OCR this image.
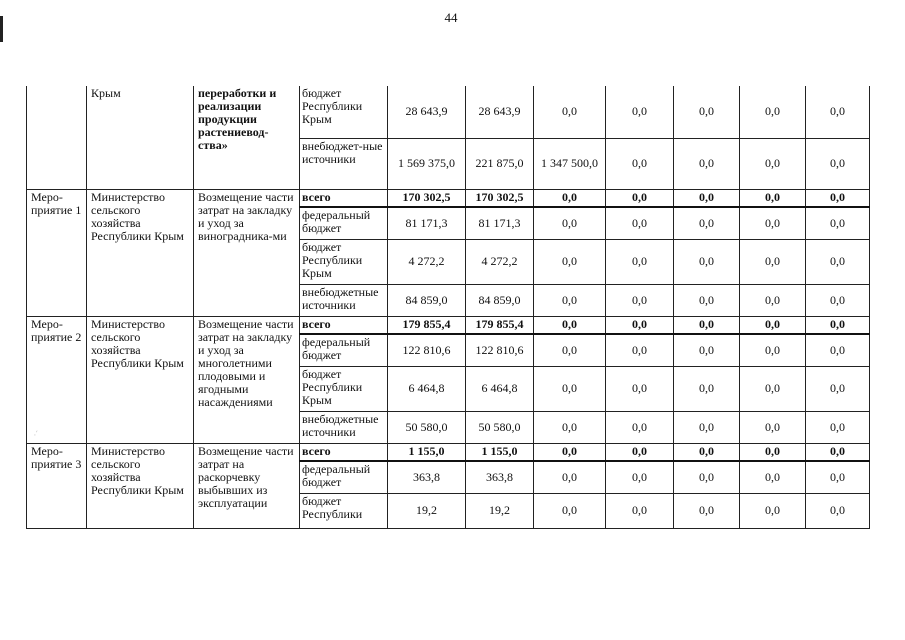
44
·´
	Крым	переработки и реализации продукции растениевод-ства»	бюджет Республики Крым	28 643,9	28 643,9	0,0	0,0	0,0	0,0	0,0
			внебюджет-ные источники	1 569 375,0	221 875,0	1 347 500,0	0,0	0,0	0,0	0,0
Меро-приятие 1	Министерство сельского хозяйства Республики Крым	Возмещение части затрат на закладку и уход за виноградника-ми	всего	170 302,5	170 302,5	0,0	0,0	0,0	0,0	0,0
			федеральный бюджет	81 171,3	81 171,3	0,0	0,0	0,0	0,0	0,0
			бюджет Республики Крым	4 272,2	4 272,2	0,0	0,0	0,0	0,0	0,0
			внебюджетные источники	84 859,0	84 859,0	0,0	0,0	0,0	0,0	0,0
Меро-приятие 2	Министерство сельского хозяйства Республики Крым	Возмещение части затрат на закладку и уход за многолетними плодовыми и ягодными насаждениями	всего	179 855,4	179 855,4	0,0	0,0	0,0	0,0	0,0
			федеральный бюджет	122 810,6	122 810,6	0,0	0,0	0,0	0,0	0,0
			бюджет Республики Крым	6 464,8	6 464,8	0,0	0,0	0,0	0,0	0,0
			внебюджетные источники	50 580,0	50 580,0	0,0	0,0	0,0	0,0	0,0
Меро-приятие 3	Министерство сельского хозяйства Республики Крым	Возмещение части затрат на раскорчевку выбывших из эксплуатации	всего	1 155,0	1 155,0	0,0	0,0	0,0	0,0	0,0
			федеральный бюджет	363,8	363,8	0,0	0,0	0,0	0,0	0,0
			бюджет Республики	19,2	19,2	0,0	0,0	0,0	0,0	0,0
